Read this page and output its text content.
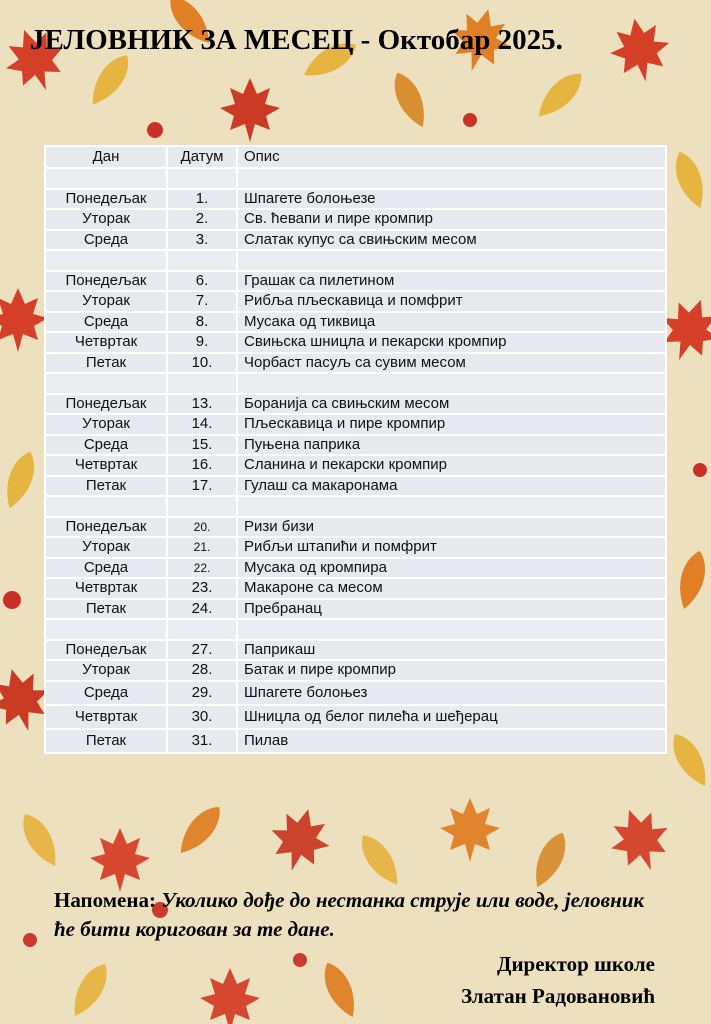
ЈЕЛОВНИК ЗА МЕСЕЦ - Октобар 2025.
Дан	Датум	Опис

Понедељак	1.	Шпагете болоњезе
Уторак	2.	Св. ћевапи и пире кромпир
Среда	3.	Слатак купус са свињским месом

Понедељак	6.	Грашак са пилетином
Уторак	7.	Рибља пљескавица и помфрит
Среда	8.	Мусака од тиквица
Четвртак	9.	Свињска шницла и пекарски кромпир
Петак	10.	Чорбаст пасуљ са сувим месом

Понедељак	13.	Боранија са свињским месом
Уторак	14.	Пљескавица и пире кромпир
Среда	15.	Пуњена паприка
Четвртак	16.	Сланина и пекарски кромпир
Петак	17.	Гулаш са макаронама

Понедељак	20.	Ризи бизи
Уторак	21.	Рибљи штапићи и помфрит
Среда	22.	Мусака од кромпира
Четвртак	23.	Макароне са месом
Петак	24.	Пребранац

Понедељак	27.	Паприкаш
Уторак	28.	Батак и пире кромпир
Среда	29.	Шпагете болоњез
Четвртак	30.	Шницла од белог пилећа и шеђерац
Петак	31.	Пилав

Напомена: Уколико дође до нестанка струје или воде, јеловник ће бити коригован за те дане.

Директор школе

Златан Радовановић
